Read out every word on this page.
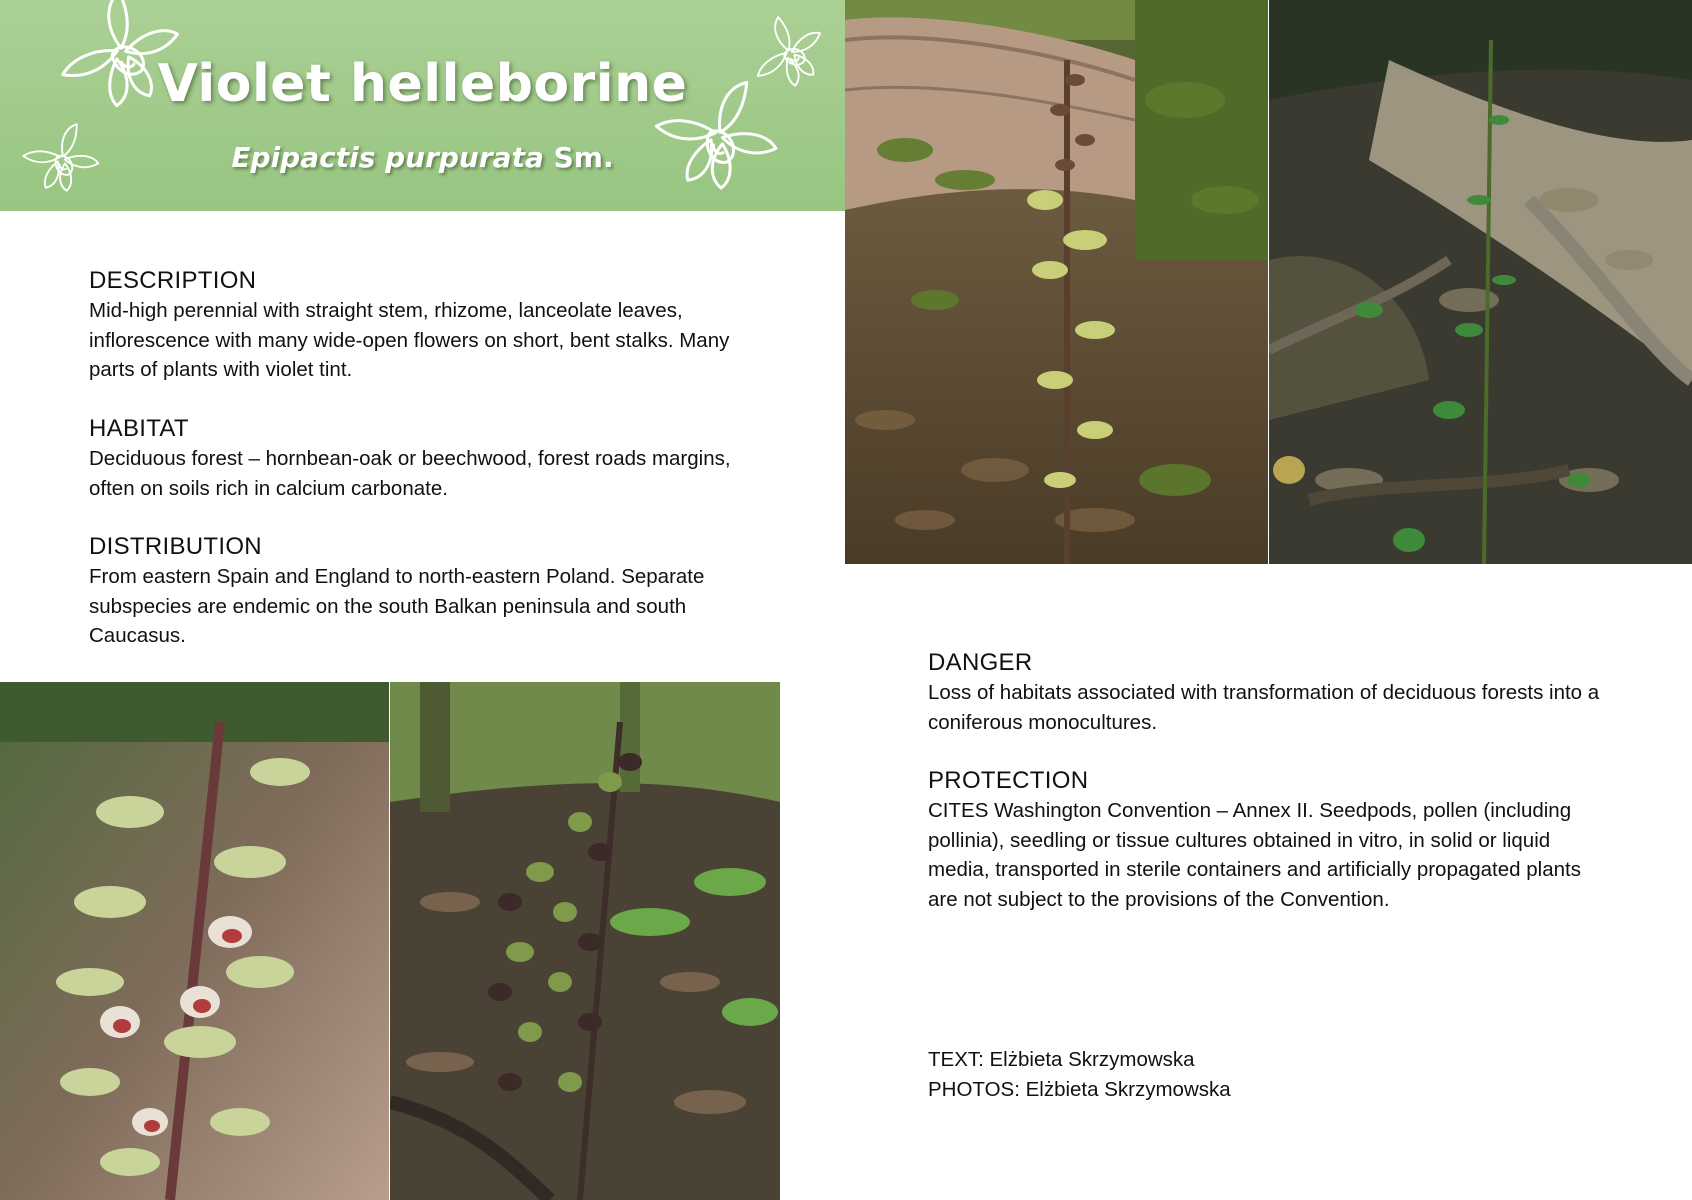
Violet helleborine
Epipactis purpurata Sm.
DESCRIPTION

Mid-high perennial with straight stem, rhizome, lanceolate leaves, inflorescence with many wide-open flowers on short, bent stalks. Many parts of plants with violet tint.

HABITAT

Deciduous forest – hornbean-oak or beechwood, forest roads margins, often on soils rich in calcium carbonate.

DISTRIBUTION

From eastern Spain and England to north-eastern Poland. Separate subspecies are endemic on the south Balkan peninsula and south Caucasus.

DANGER

Loss of habitats associated with transformation of deciduous forests into a coniferous monocultures.

PROTECTION

CITES Washington Convention – Annex II. Seedpods, pollen (including pollinia), seedling or tissue cultures obtained in vitro, in solid or liquid media, transported in sterile containers and artificially propagated plants are not subject to the provisions of the Convention.

TEXT: Elżbieta Skrzymowska
PHOTOS: Elżbieta Skrzymowska
